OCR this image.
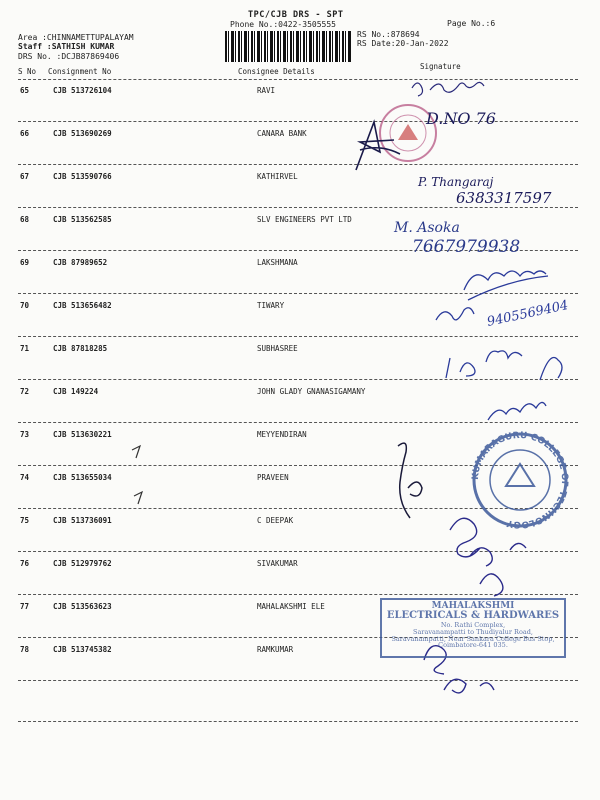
TPC/CJB DRS - SPT
Phone No.:0422-3505555	Page No.:6
RS No.:878694
RS Date:20-Jan-2022
Area :CHINNAMETTUPALAYAM
Staff :SATHISH KUMAR
DRS No. :DCJB87869406
S No Consignment No	Consignee Details
Signature
65	CJB 513726104	RAVI
66	CJB 513690269	CANARA BANK
67	CJB 513590766	KATHIRVEL
68	CJB 513562585	SLV ENGINEERS PVT LTD
69	CJB 87989652	LAKSHMANA
70	CJB 513656482	TIWARY
71	CJB 87818285	SUBHASREE
72	CJB 149224	JOHN GLADY GNANASIGAMANY
73	CJB 513630221	MEYYENDIRAN
74	CJB 513655034	PRAVEEN
75	CJB 513736091	C DEEPAK
76	CJB 512979762	SIVAKUMAR
77	CJB 513563623	MAHALAKSHMI ELE
78	CJB 513745382	RAMKUMAR
D.NO 76
P. Thangaraj
6383317597
M. Asoka
7667979938
9405569404
KUMARAGURU COLLEGE OF TECHNOLOGY
MAHALAKSHMI
ELECTRICALS & HARDWARES
No. Rathi Complex,
Saravanampatti to Thudiyalur Road,
Saravanampatti, Near Sankara College Bus Stop,
Coimbatore-641 035.
